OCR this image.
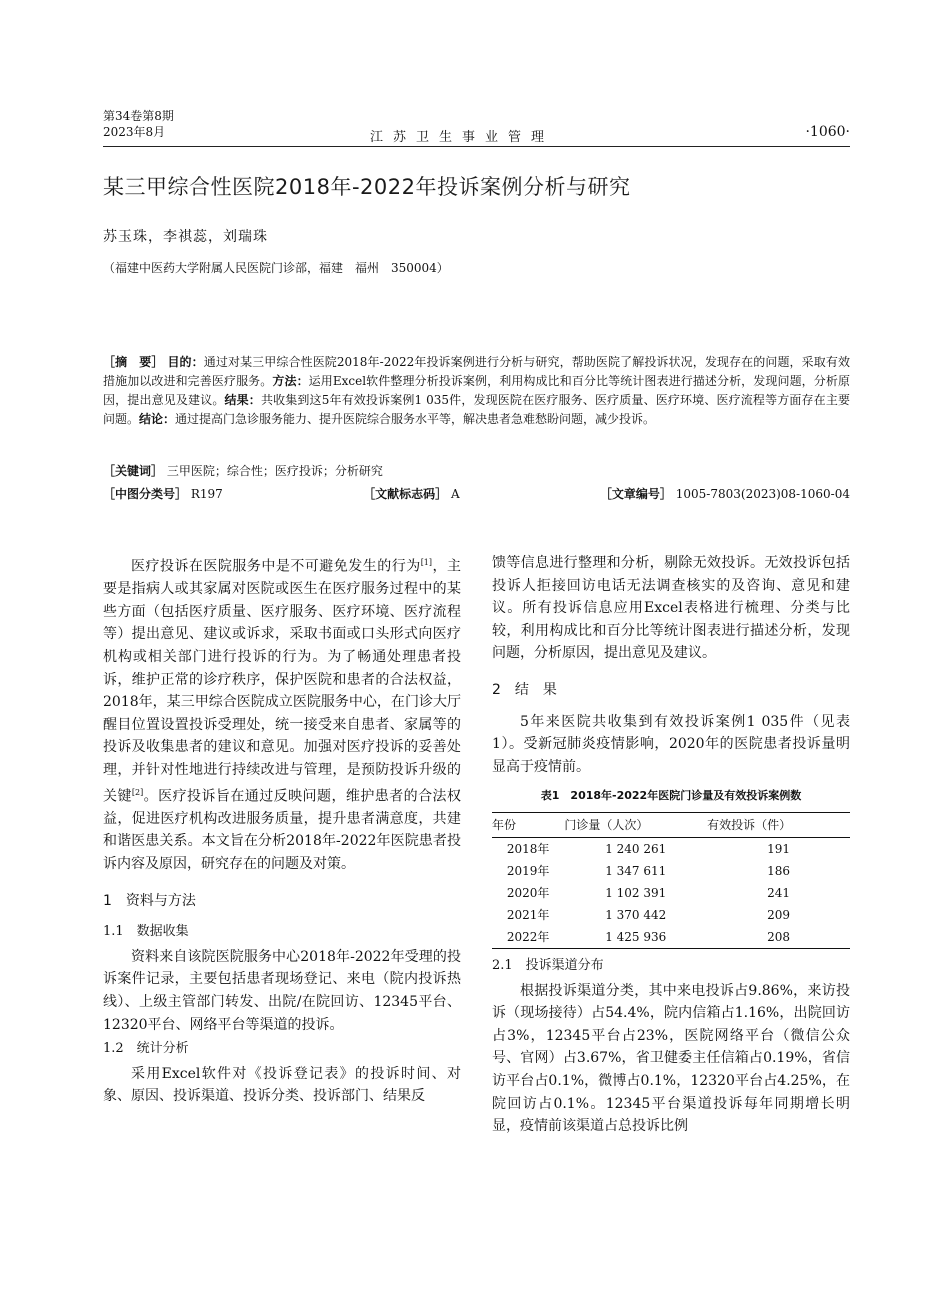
第34卷第8期
2023年8月	江苏卫生事业管理	·1060·
某三甲综合性医院2018年-2022年投诉案例分析与研究
苏玉珠，李祺蕊，刘瑞珠
（福建中医药大学附属人民医院门诊部，福建　福州　350004）
［摘　要］ 目的：通过对某三甲综合性医院2018年-2022年投诉案例进行分析与研究，帮助医院了解投诉状况，发现存在的问题，采取有效措施加以改进和完善医疗服务。方法：运用Excel软件整理分析投诉案例，利用构成比和百分比等统计图表进行描述分析，发现问题，分析原因，提出意见及建议。结果：共收集到这5年有效投诉案例1 035件，发现医院在医疗服务、医疗质量、医疗环境、医疗流程等方面存在主要问题。结论：通过提高门急诊服务能力、提升医院综合服务水平等，解决患者急难愁盼问题，减少投诉。
［关键词］ 三甲医院；综合性；医疗投诉；分析研究
［中图分类号］ R197	［文献标志码］ A	［文章编号］ 1005-7803(2023)08-1060-04

医疗投诉在医院服务中是不可避免发生的行为[1]，主要是指病人或其家属对医院或医生在医疗服务过程中的某些方面（包括医疗质量、医疗服务、医疗环境、医疗流程等）提出意见、建议或诉求，采取书面或口头形式向医疗机构或相关部门进行投诉的行为。为了畅通处理患者投诉，维护正常的诊疗秩序，保护医院和患者的合法权益，2018年，某三甲综合医院成立医院服务中心，在门诊大厅醒目位置设置投诉受理处，统一接受来自患者、家属等的投诉及收集患者的建议和意见。加强对医疗投诉的妥善处理，并针对性地进行持续改进与管理，是预防投诉升级的关键[2]。医疗投诉旨在通过反映问题，维护患者的合法权益，促进医疗机构改进服务质量，提升患者满意度，共建和谐医患关系。本文旨在分析2018年-2022年医院患者投诉内容及原因，研究存在的问题及对策。

1　资料与方法
1.1　数据收集

资料来自该院医院服务中心2018年-2022年受理的投诉案件记录，主要包括患者现场登记、来电（院内投诉热线）、上级主管部门转发、出院/在院回访、12345平台、12320平台、网络平台等渠道的投诉。

1.2　统计分析

采用Excel软件对《投诉登记表》的投诉时间、对象、原因、投诉渠道、投诉分类、投诉部门、结果反

馈等信息进行整理和分析，剔除无效投诉。无效投诉包括投诉人拒接回访电话无法调查核实的及咨询、意见和建议。所有投诉信息应用Excel表格进行梳理、分类与比较，利用构成比和百分比等统计图表进行描述分析，发现问题，分析原因，提出意见及建议。

2　结　果

5年来医院共收集到有效投诉案例1 035件（见表1）。受新冠肺炎疫情影响，2020年的医院患者投诉量明显高于疫情前。

表1　2018年-2022年医院门诊量及有效投诉案例数
年份	门诊量（人次）	有效投诉（件）
2018年	1 240 261	191
2019年	1 347 611	186
2020年	1 102 391	241
2021年	1 370 442	209
2022年	1 425 936	208
2.1　投诉渠道分布

根据投诉渠道分类，其中来电投诉占9.86%，来访投诉（现场接待）占54.4%，院内信箱占1.16%，出院回访占3%，12345平台占23%，医院网络平台（微信公众号、官网）占3.67%，省卫健委主任信箱占0.19%，省信访平台占0.1%，微博占0.1%，12320平台占4.25%，在院回访占0.1%。12345平台渠道投诉每年同期增长明显，疫情前该渠道占总投诉比例
